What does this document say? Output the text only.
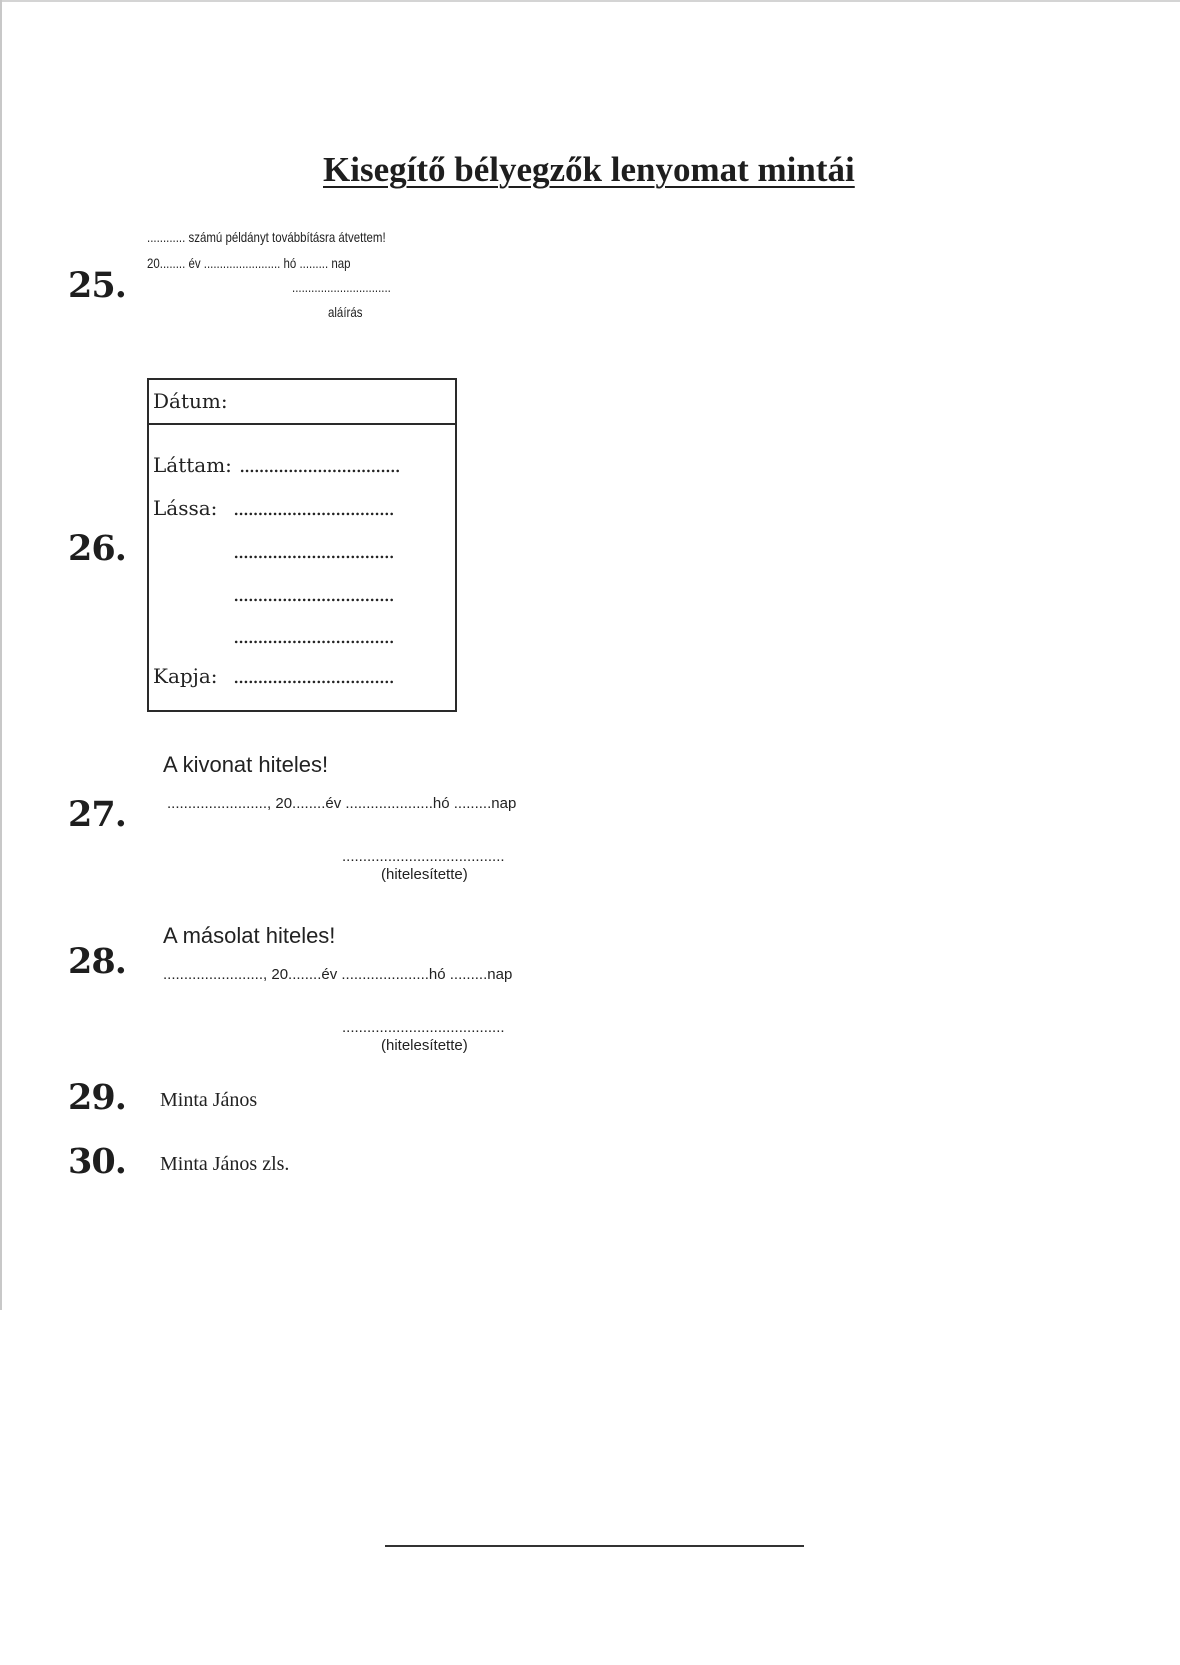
Kisegítő bélyegzők lenyomat mintái
25.
............ számú példányt továbbításra átvettem!
20........ év ........................ hó ......... nap
...............................
aláírás
26.
Dátum:
Láttam: .................................
Lássa: .................................
.................................
.................................
.................................
Kapja: .................................
27.
A kivonat hiteles!
........................, 20........év .....................hó .........nap
.......................................
(hitelesítette)
28.
A másolat hiteles!
........................, 20........év .....................hó .........nap
.......................................
(hitelesítette)
29. Minta János
30. Minta János zls.
